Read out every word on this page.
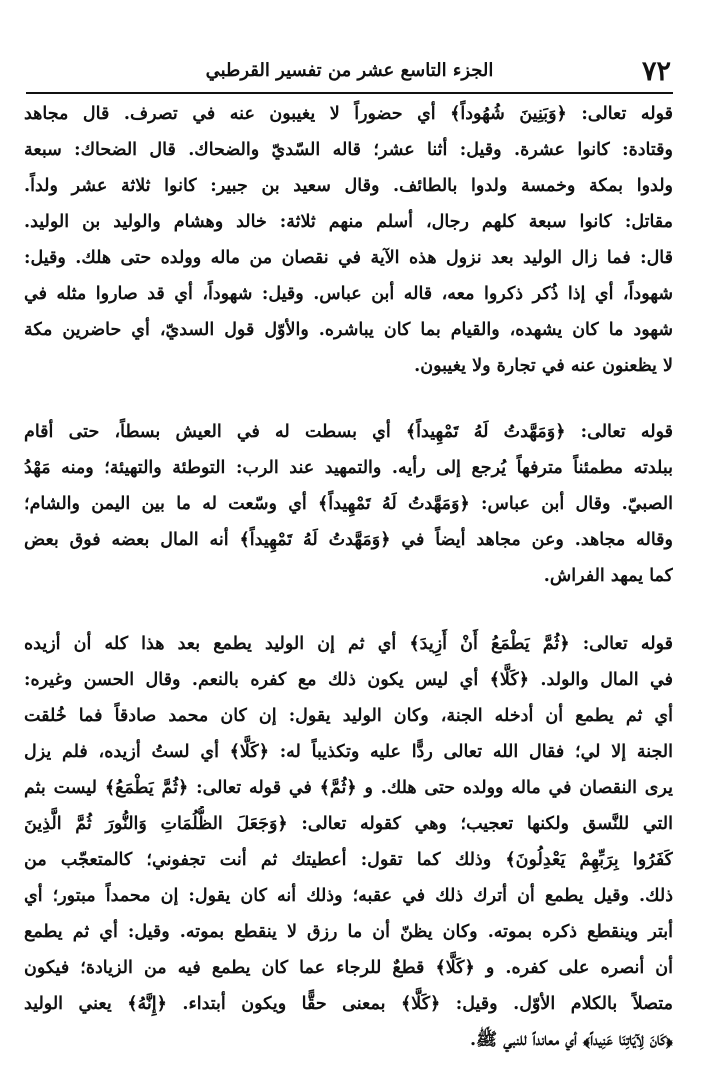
٧٢
الجزء التاسع عشر من تفسير القرطبي
قوله تعالى: ﴿وَبَنِينَ شُهُوداً﴾ أي حضوراً لا يغيبون عنه في تصرف. قال مجاهد
وقتادة: كانوا عشرة. وقيل: أثنا عشر؛ قاله السّديّ والضحاك. قال الضحاك: سبعة
ولدوا بمكة وخمسة ولدوا بالطائف. وقال سعيد بن جبير: كانوا ثلاثة عشر ولداً.
مقاتل: كانوا سبعة كلهم رجال، أسلم منهم ثلاثة: خالد وهشام والوليد بن الوليد.
قال: فما زال الوليد بعد نزول هذه الآية في نقصان من ماله وولده حتى هلك. وقيل:
شهوداً، أي إذا ذُكر ذكروا معه، قاله أبن عباس. وقيل: شهوداً، أي قد صاروا مثله في
شهود ما كان يشهده، والقيام بما كان يباشره. والأوّل قول السديّ، أي حاضرين مكة
لا يظعنون عنه في تجارة ولا يغيبون.
قوله تعالى: ﴿وَمَهَّدتُ لَهُ تَمْهِيداً﴾ أي بسطت له في العيش بسطاً، حتى أقام
ببلدته مطمئناً مترفهاً يُرجع إلى رأيه. والتمهيد عند الرب: التوطئة والتهيئة؛ ومنه مَهْدُ
الصبيّ. وقال أبن عباس: ﴿وَمَهَّدتُ لَهُ تَمْهِيداً﴾ أي وسّعت له ما بين اليمن والشام؛
وقاله مجاهد. وعن مجاهد أيضاً في ﴿وَمَهَّدتُ لَهُ تَمْهِيداً﴾ أنه المال بعضه فوق بعض
كما يمهد الفراش.
قوله تعالى: ﴿ثُمَّ يَطْمَعُ أَنْ أَزِيدَ﴾ أي ثم إن الوليد يطمع بعد هذا كله أن أزيده
في المال والولد. ﴿كَلَّا﴾ أي ليس يكون ذلك مع كفره بالنعم. وقال الحسن وغيره:
أي ثم يطمع أن أدخله الجنة، وكان الوليد يقول: إن كان محمد صادقاً فما خُلقت
الجنة إلا لي؛ فقال الله تعالى ردًّا عليه وتكذيباً له: ﴿كَلَّا﴾ أي لستُ أزيده، فلم يزل
يرى النقصان في ماله وولده حتى هلك. و ﴿ثُمَّ﴾ في قوله تعالى: ﴿ثُمَّ يَطْمَعُ﴾ ليست بثم
التي للنَّسق ولكنها تعجيب؛ وهي كقوله تعالى: ﴿وَجَعَلَ الظُّلُمَاتِ وَالنُّورَ ثُمَّ الَّذِينَ
كَفَرُوا بِرَبِّهِمْ يَعْدِلُونَ﴾ وذلك كما تقول: أعطيتك ثم أنت تجفوني؛ كالمتعجّب من
ذلك. وقيل يطمع أن أترك ذلك في عقبه؛ وذلك أنه كان يقول: إن محمداً مبتور؛ أي
أبتر وينقطع ذكره بموته. وكان يظنّ أن ما رزق لا ينقطع بموته. وقيل: أي ثم يطمع
أن أنصره على كفره. و ﴿كَلَّا﴾ قطعٌ للرجاء عما كان يطمع فيه من الزيادة؛ فيكون
متصلاً بالكلام الأوّل. وقيل: ﴿كَلَّا﴾ بمعنى حقًّا ويكون أبتداء. ﴿إِنَّهُ﴾ يعني الوليد
﴿كَانَ لِآيَاتِنَا عَنِيداً﴾ أي معانداً للنبي ﷺ.
